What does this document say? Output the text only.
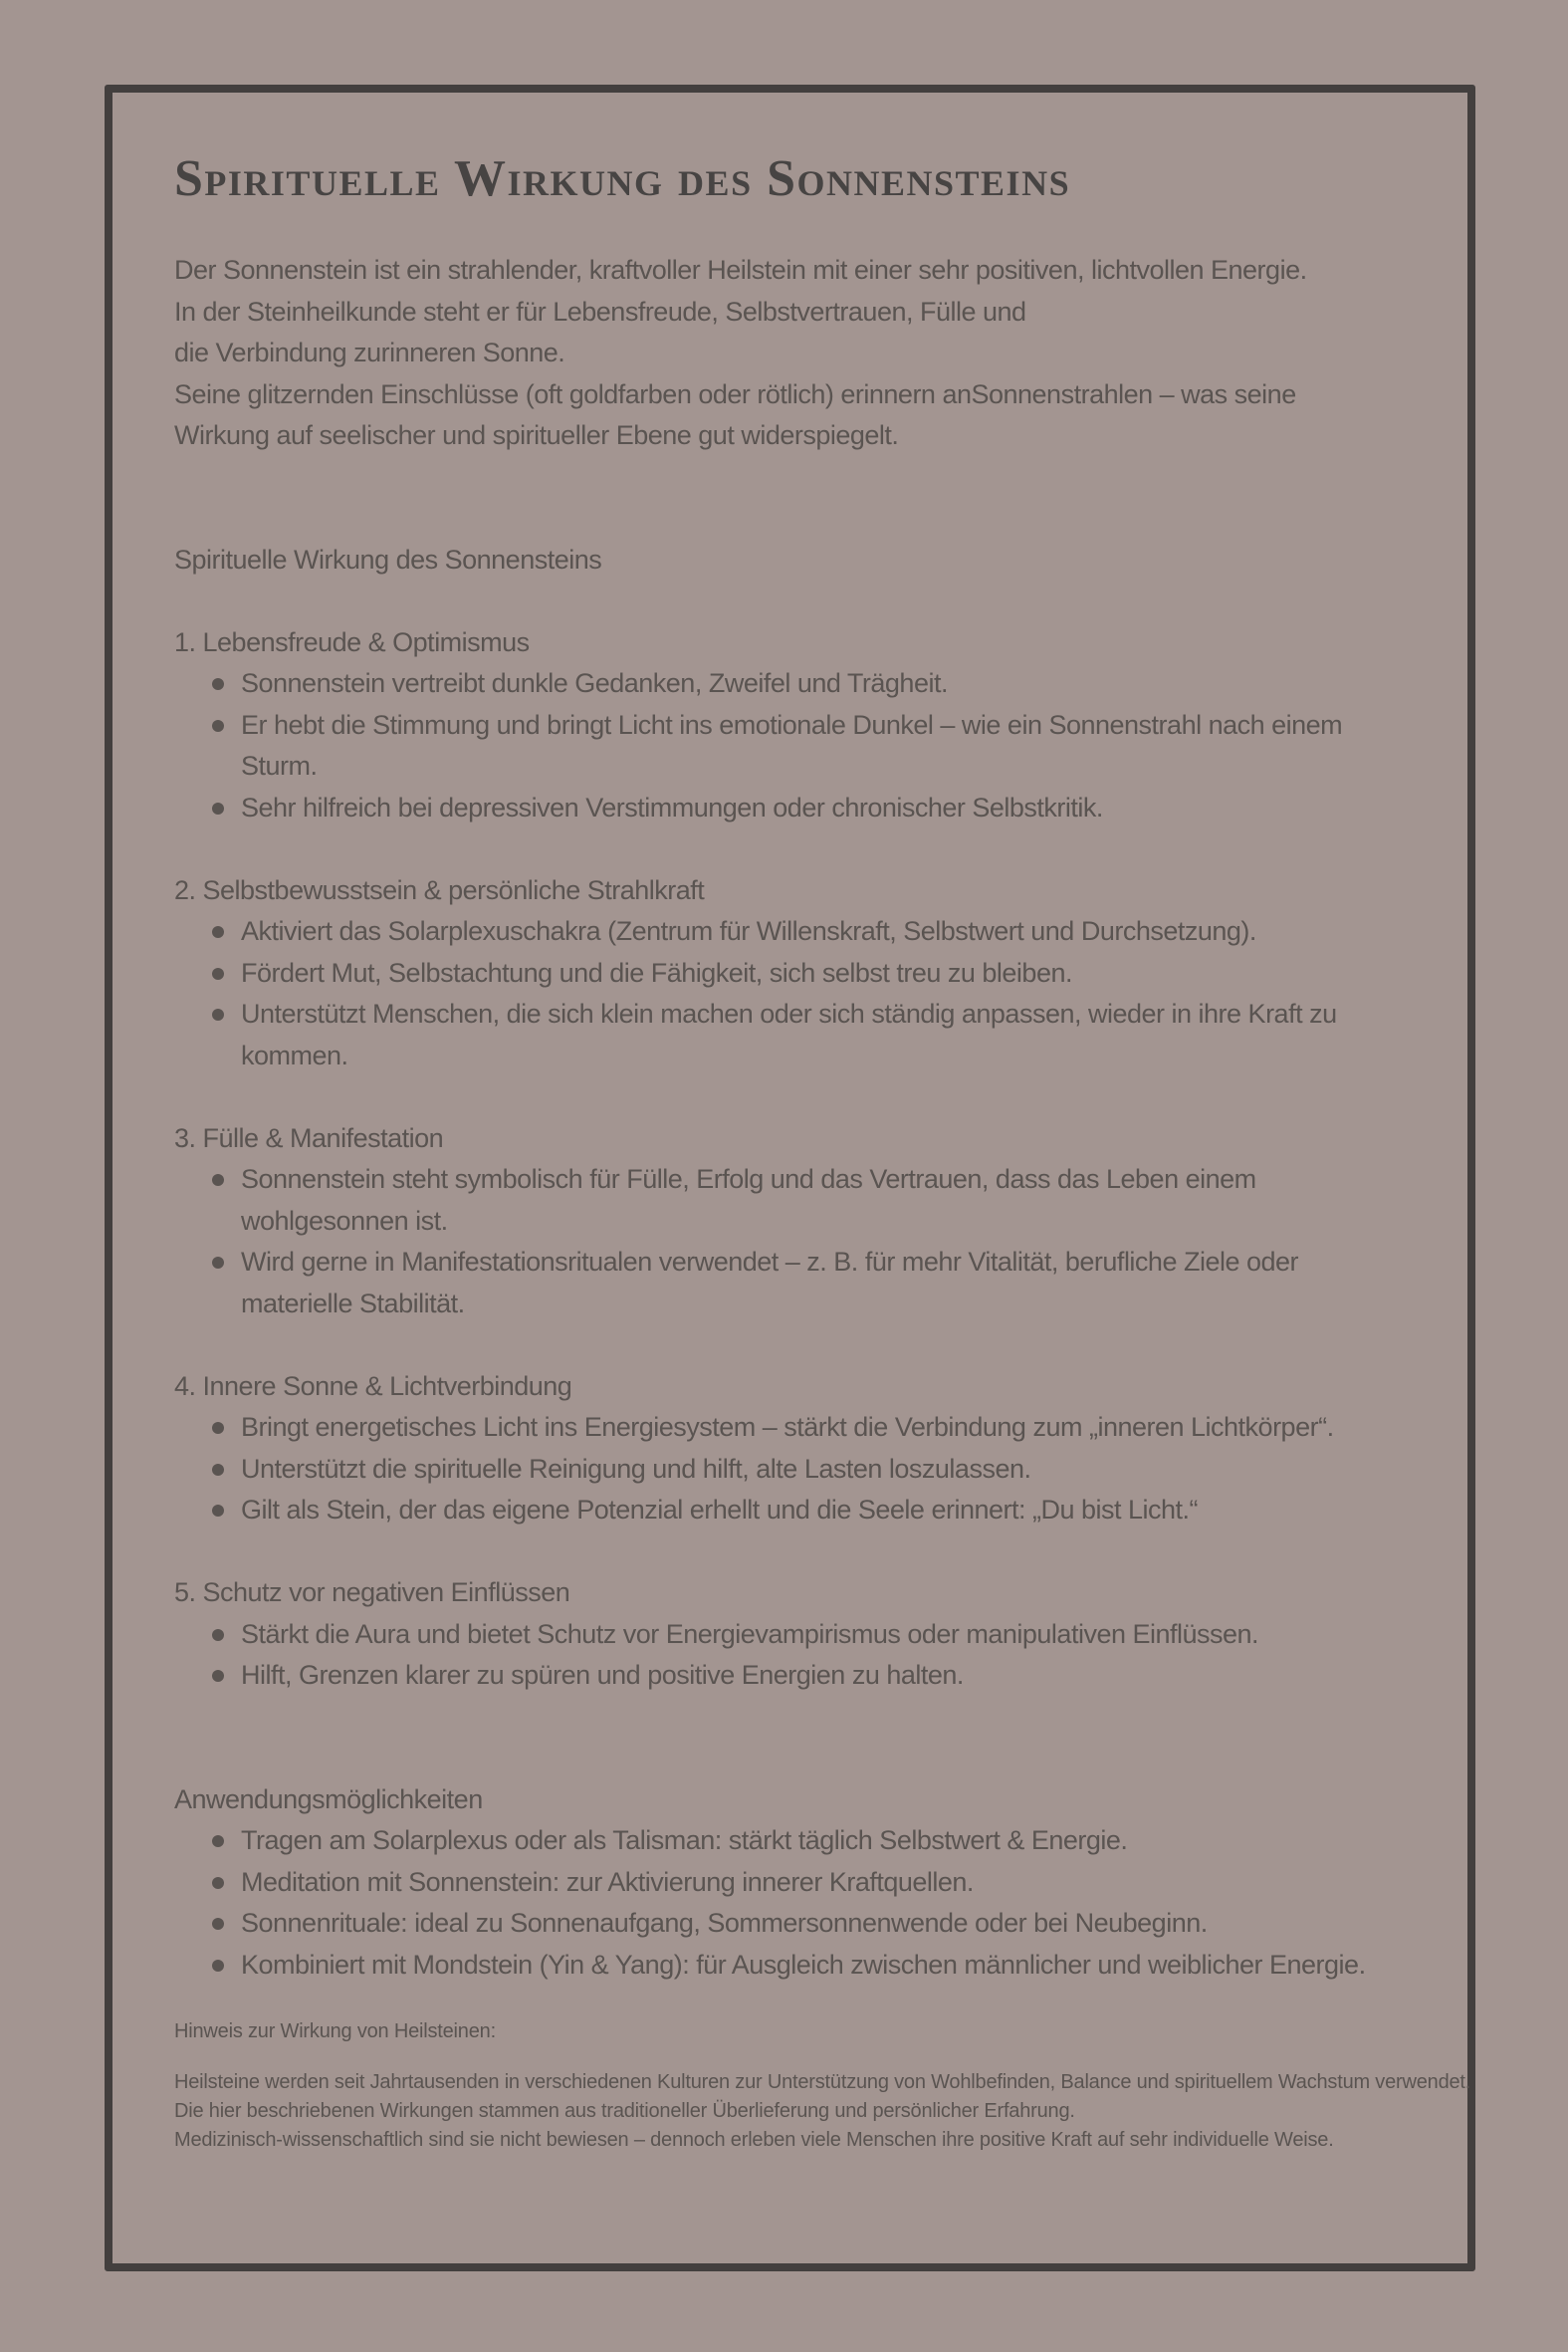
Spirituelle Wirkung des Sonnensteins
Der Sonnenstein ist ein strahlender, kraftvoller Heilstein mit einer sehr positiven, lichtvollen Energie.
In der Steinheilkunde steht er für Lebensfreude, Selbstvertrauen, Fülle und
die Verbindung zurinneren Sonne.
Seine glitzernden Einschlüsse (oft goldfarben oder rötlich) erinnern anSonnenstrahlen – was seine
Wirkung auf seelischer und spiritueller Ebene gut widerspiegelt.
Spirituelle Wirkung des Sonnensteins
1. Lebensfreude & Optimismus
Sonnenstein vertreibt dunkle Gedanken, Zweifel und Trägheit.
Er hebt die Stimmung und bringt Licht ins emotionale Dunkel – wie ein Sonnenstrahl nach einem Sturm.
Sehr hilfreich bei depressiven Verstimmungen oder chronischer Selbstkritik.
2. Selbstbewusstsein & persönliche Strahlkraft
Aktiviert das Solarplexuschakra (Zentrum für Willenskraft, Selbstwert und Durchsetzung).
Fördert Mut, Selbstachtung und die Fähigkeit, sich selbst treu zu bleiben.
Unterstützt Menschen, die sich klein machen oder sich ständig anpassen, wieder in ihre Kraft zu kommen.
3. Fülle & Manifestation
Sonnenstein steht symbolisch für Fülle, Erfolg und das Vertrauen, dass das Leben einem wohlgesonnen ist.
Wird gerne in Manifestationsritualen verwendet – z. B. für mehr Vitalität, berufliche Ziele oder materielle Stabilität.
4. Innere Sonne & Lichtverbindung
Bringt energetisches Licht ins Energiesystem – stärkt die Verbindung zum „inneren Lichtkörper“.
Unterstützt die spirituelle Reinigung und hilft, alte Lasten loszulassen.
Gilt als Stein, der das eigene Potenzial erhellt und die Seele erinnert: „Du bist Licht.“
5. Schutz vor negativen Einflüssen
Stärkt die Aura und bietet Schutz vor Energievampirismus oder manipulativen Einflüssen.
Hilft, Grenzen klarer zu spüren und positive Energien zu halten.
Anwendungsmöglichkeiten
Tragen am Solarplexus oder als Talisman: stärkt täglich Selbstwert & Energie.
Meditation mit Sonnenstein: zur Aktivierung innerer Kraftquellen.
Sonnenrituale: ideal zu Sonnenaufgang, Sommersonnenwende oder bei Neubeginn.
Kombiniert mit Mondstein (Yin & Yang): für Ausgleich zwischen männlicher und weiblicher Energie.
Hinweis zur Wirkung von Heilsteinen:
Heilsteine werden seit Jahrtausenden in verschiedenen Kulturen zur Unterstützung von Wohlbefinden, Balance und spirituellem Wachstum verwendet.
Die hier beschriebenen Wirkungen stammen aus traditioneller Überlieferung und persönlicher Erfahrung.
Medizinisch-wissenschaftlich sind sie nicht bewiesen – dennoch erleben viele Menschen ihre positive Kraft auf sehr individuelle Weise.
